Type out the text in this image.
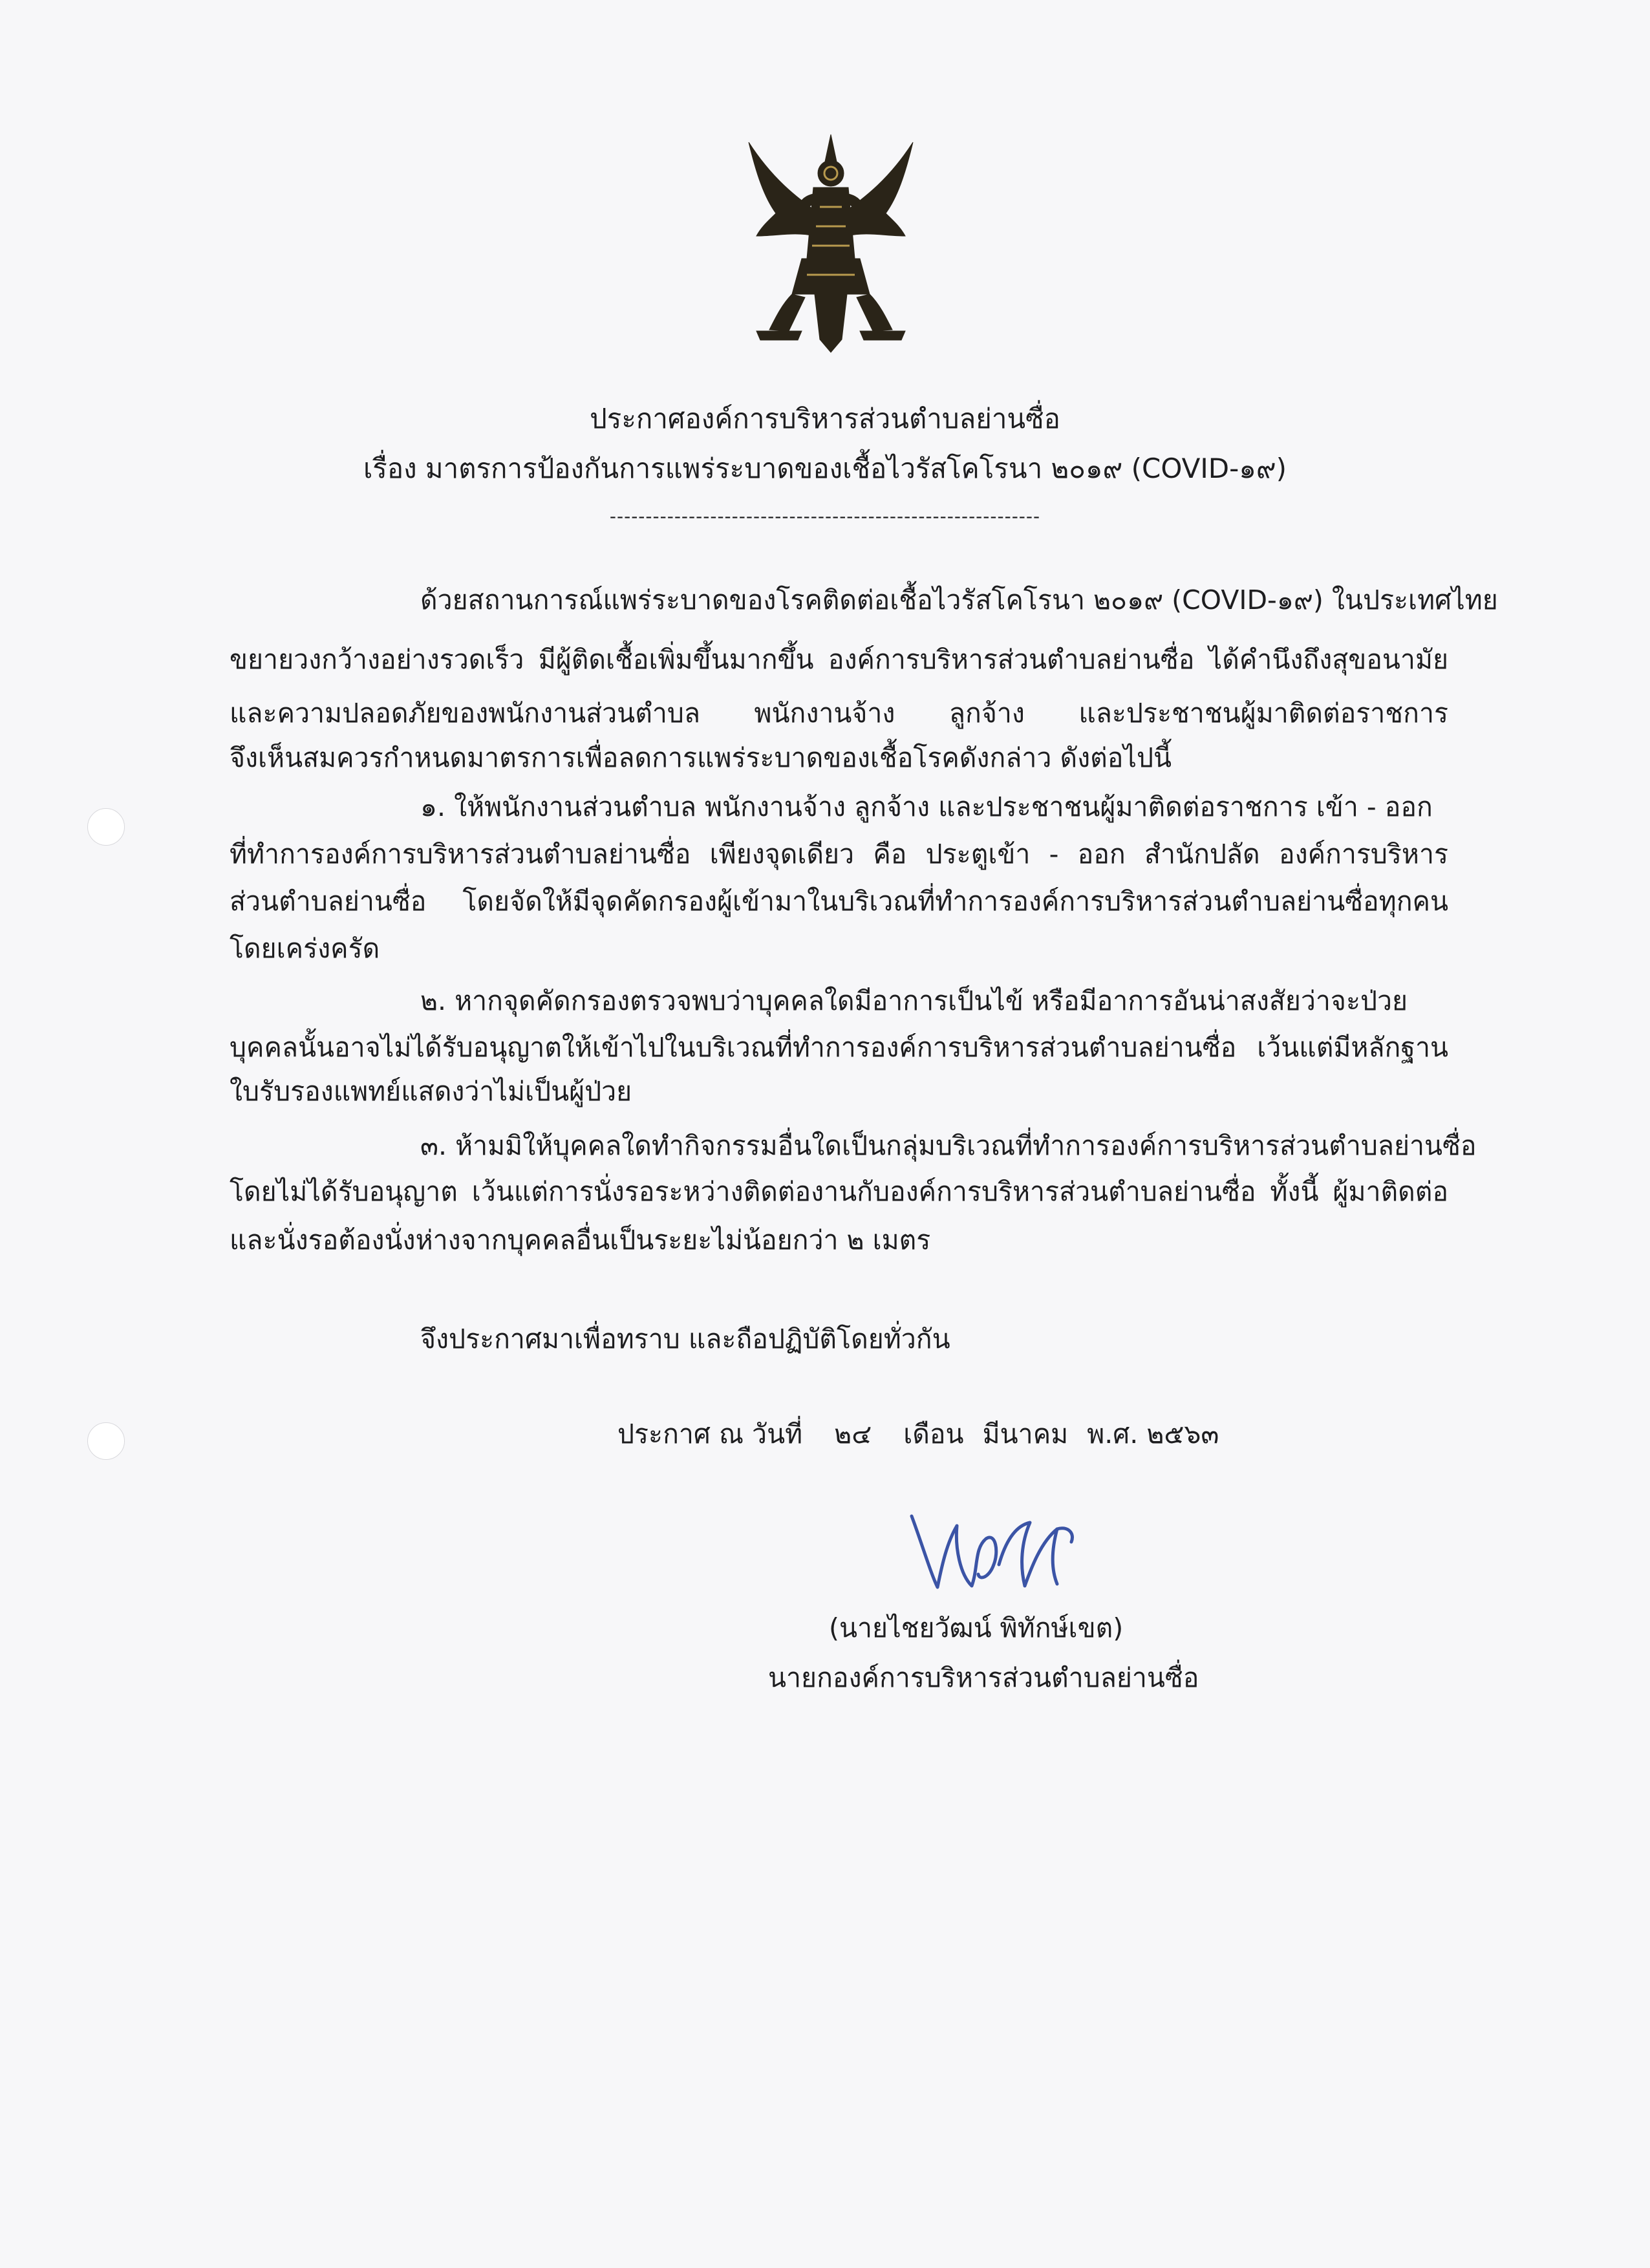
ประกาศองค์การบริหารส่วนตำบลย่านซื่อ
เรื่อง มาตรการป้องกันการแพร่ระบาดของเชื้อไวรัสโคโรนา ๒๐๑๙ (COVID-๑๙)
------------------------------------------------------------
ด้วยสถานการณ์แพร่ระบาดของโรคติดต่อเชื้อไวรัสโคโรนา ๒๐๑๙ (COVID-๑๙) ในประเทศไทย
ขยายวงกว้างอย่างรวดเร็ว มีผู้ติดเชื้อเพิ่มขึ้นมากขึ้น องค์การบริหารส่วนตำบลย่านซื่อ ได้คำนึงถึงสุขอนามัย
และความปลอดภัยของพนักงานส่วนตำบล พนักงานจ้าง ลูกจ้าง และประชาชนผู้มาติดต่อราชการ
จึงเห็นสมควรกำหนดมาตรการเพื่อลดการแพร่ระบาดของเชื้อโรคดังกล่าว ดังต่อไปนี้
๑. ให้พนักงานส่วนตำบล พนักงานจ้าง ลูกจ้าง และประชาชนผู้มาติดต่อราชการ เข้า - ออก
ที่ทำการองค์การบริหารส่วนตำบลย่านซื่อ เพียงจุดเดียว คือ ประตูเข้า - ออก สำนักปลัด องค์การบริหาร
ส่วนตำบลย่านซื่อ โดยจัดให้มีจุดคัดกรองผู้เข้ามาในบริเวณที่ทำการองค์การบริหารส่วนตำบลย่านซื่อทุกคน
โดยเคร่งครัด
๒. หากจุดคัดกรองตรวจพบว่าบุคคลใดมีอาการเป็นไข้ หรือมีอาการอันน่าสงสัยว่าจะป่วย
บุคคลนั้นอาจไม่ได้รับอนุญาตให้เข้าไปในบริเวณที่ทำการองค์การบริหารส่วนตำบลย่านซื่อ เว้นแต่มีหลักฐาน
ใบรับรองแพทย์แสดงว่าไม่เป็นผู้ป่วย
๓. ห้ามมิให้บุคคลใดทำกิจกรรมอื่นใดเป็นกลุ่มบริเวณที่ทำการองค์การบริหารส่วนตำบลย่านซื่อ
โดยไม่ได้รับอนุญาต เว้นแต่การนั่งรอระหว่างติดต่องานกับองค์การบริหารส่วนตำบลย่านซื่อ ทั้งนี้ ผู้มาติดต่อ
และนั่งรอต้องนั่งห่างจากบุคคลอื่นเป็นระยะไม่น้อยกว่า ๒ เมตร
จึงประกาศมาเพื่อทราบ และถือปฏิบัติโดยทั่วกัน
ประกาศ ณ วันที่ ๒๔ เดือน มีนาคม พ.ศ. ๒๕๖๓
(นายไชยวัฒน์ พิทักษ์เขต)
นายกองค์การบริหารส่วนตำบลย่านซื่อ
